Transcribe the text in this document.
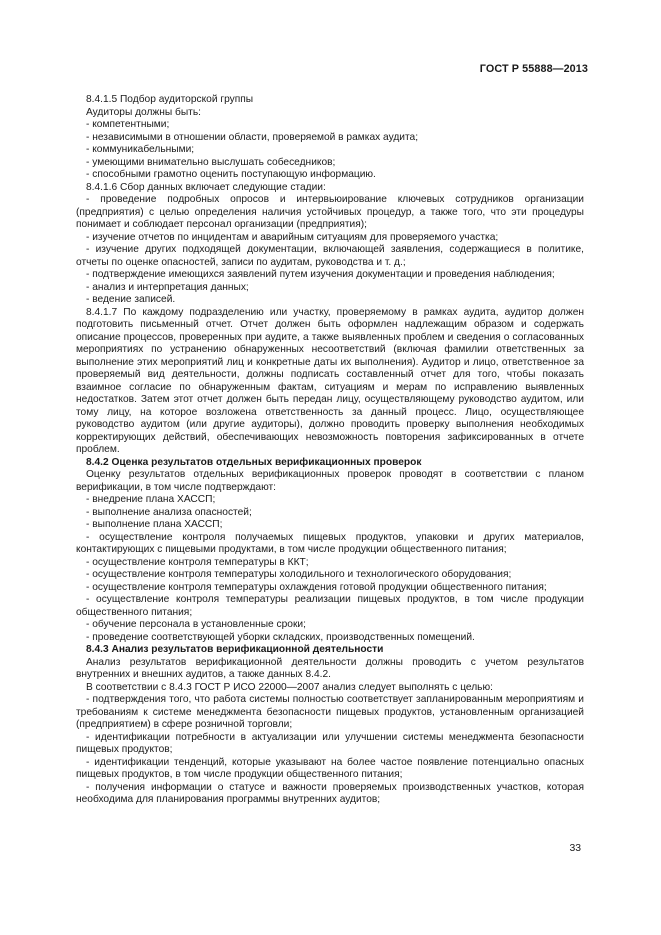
ГОСТ Р 55888—2013

8.4.1.5 Подбор аудиторской группы

Аудиторы должны быть:

- компетентными;

- независимыми в отношении области, проверяемой в рамках аудита;

- коммуникабельными;

- умеющими внимательно выслушать собеседников;

- способными грамотно оценить поступающую информацию.

8.4.1.6 Сбор данных включает следующие стадии:

- проведение подробных опросов и интервьюирование ключевых сотрудников организации (предприятия) с целью определения наличия устойчивых процедур, а также того, что эти процедуры понимает и соблюдает персонал организации (предприятия);

- изучение отчетов по инцидентам и аварийным ситуациям для проверяемого участка;

- изучение других подходящей документации, включающей заявления, содержащиеся в политике, отчеты по оценке опасностей, записи по аудитам, руководства и т. д.;

- подтверждение имеющихся заявлений путем изучения документации и проведения наблюдения;

- анализ и интерпретация данных;

- ведение записей.

8.4.1.7 По каждому подразделению или участку, проверяемому в рамках аудита, аудитор должен подготовить письменный отчет. Отчет должен быть оформлен надлежащим образом и содержать описание процессов, проверенных при аудите, а также выявленных проблем и сведения о согласованных мероприятиях по устранению обнаруженных несоответствий (включая фамилии ответственных за выполнение этих мероприятий лиц и конкретные даты их выполнения). Аудитор и лицо, ответственное за проверяемый вид деятельности, должны подписать составленный отчет для того, чтобы показать взаимное согласие по обнаруженным фактам, ситуациям и мерам по исправлению выявленных недостатков. Затем этот отчет должен быть передан лицу, осуществляющему руководство аудитом, или тому лицу, на которое возложена ответственность за данный процесс. Лицо, осуществляющее руководство аудитом (или другие аудиторы), должно проводить проверку выполнения необходимых корректирующих действий, обеспечивающих невозможность повторения зафиксированных в отчете проблем.

8.4.2 Оценка результатов отдельных верификационных проверок

Оценку результатов отдельных верификационных проверок проводят в соответствии с планом верификации, в том числе подтверждают:

- внедрение плана ХАССП;

- выполнение анализа опасностей;

- выполнение плана ХАССП;

- осуществление контроля получаемых пищевых продуктов, упаковки и других материалов, контактирующих с пищевыми продуктами, в том числе продукции общественного питания;

- осуществление контроля температуры в ККТ;

- осуществление контроля температуры холодильного и технологического оборудования;

- осуществление контроля температуры охлаждения готовой продукции общественного питания;

- осуществление контроля температуры реализации пищевых продуктов, в том числе продукции общественного питания;

- обучение персонала в установленные сроки;

- проведение соответствующей уборки складских, производственных помещений.

8.4.3 Анализ результатов верификационной деятельности

Анализ результатов верификационной деятельности должны проводить с учетом результатов внутренних и внешних аудитов, а также данных 8.4.2.

В соответствии с 8.4.3 ГОСТ Р ИСО 22000—2007 анализ следует выполнять с целью:

- подтверждения того, что работа системы полностью соответствует запланированным мероприятиям и требованиям к системе менеджмента безопасности пищевых продуктов, установленным организацией (предприятием) в сфере розничной торговли;

- идентификации потребности в актуализации или улучшении системы менеджмента безопасности пищевых продуктов;

- идентификации тенденций, которые указывают на более частое появление потенциально опасных пищевых продуктов, в том числе продукции общественного питания;

- получения информации о статусе и важности проверяемых производственных участков, которая необходима для планирования программы внутренних аудитов;

33
